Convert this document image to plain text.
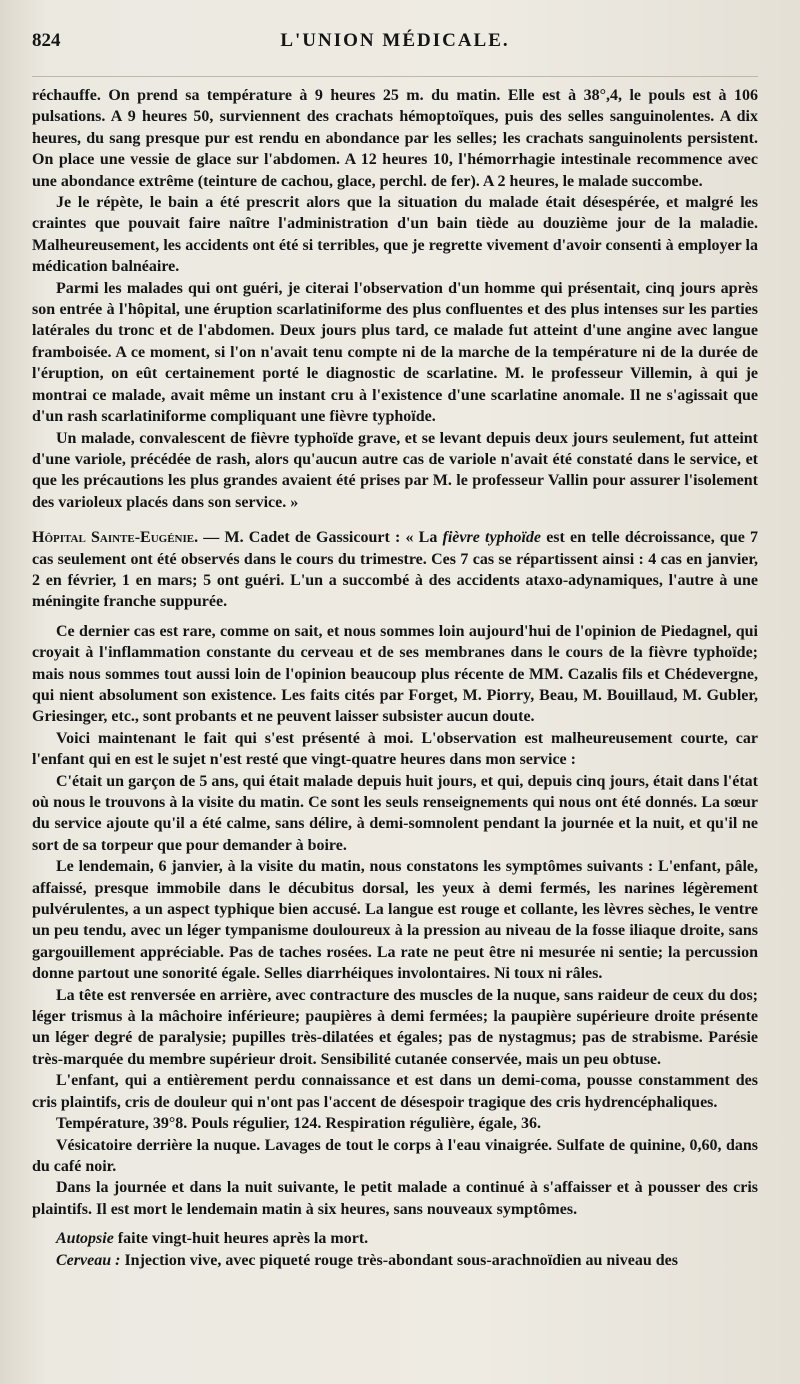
824	L'UNION MÉDICALE.

réchauffe. On prend sa température à 9 heures 25 m. du matin. Elle est à 38°,4, le pouls est à 106 pulsations. A 9 heures 50, surviennent des crachats hémoptoïques, puis des selles sanguinolentes. A dix heures, du sang presque pur est rendu en abondance par les selles; les crachats sanguinolents persistent. On place une vessie de glace sur l'abdomen. A 12 heures 10, l'hémorrhagie intestinale recommence avec une abondance extrême (teinture de cachou, glace, perchl. de fer). A 2 heures, le malade succombe.

Je le répète, le bain a été prescrit alors que la situation du malade était désespérée, et malgré les craintes que pouvait faire naître l'administration d'un bain tiède au douzième jour de la maladie. Malheureusement, les accidents ont été si terribles, que je regrette vivement d'avoir consenti à employer la médication balnéaire.

Parmi les malades qui ont guéri, je citerai l'observation d'un homme qui présentait, cinq jours après son entrée à l'hôpital, une éruption scarlatiniforme des plus confluentes et des plus intenses sur les parties latérales du tronc et de l'abdomen. Deux jours plus tard, ce malade fut atteint d'une angine avec langue framboisée. A ce moment, si l'on n'avait tenu compte ni de la marche de la température ni de la durée de l'éruption, on eût certainement porté le diagnostic de scarlatine. M. le professeur Villemin, à qui je montrai ce malade, avait même un instant cru à l'existence d'une scarlatine anomale. Il ne s'agissait que d'un rash scarlatiniforme compliquant une fièvre typhoïde.

Un malade, convalescent de fièvre typhoïde grave, et se levant depuis deux jours seulement, fut atteint d'une variole, précédée de rash, alors qu'aucun autre cas de variole n'avait été constaté dans le service, et que les précautions les plus grandes avaient été prises par M. le professeur Vallin pour assurer l'isolement des varioleux placés dans son service. »

Hôpital Sainte-Eugénie. — M. Cadet de Gassicourt : « La fièvre typhoïde est en telle décroissance, que 7 cas seulement ont été observés dans le cours du trimestre. Ces 7 cas se répartissent ainsi : 4 cas en janvier, 2 en février, 1 en mars; 5 ont guéri. L'un a succombé à des accidents ataxo-adynamiques, l'autre à une méningite franche suppurée.

Ce dernier cas est rare, comme on sait, et nous sommes loin aujourd'hui de l'opinion de Piedagnel, qui croyait à l'inflammation constante du cerveau et de ses membranes dans le cours de la fièvre typhoïde; mais nous sommes tout aussi loin de l'opinion beaucoup plus récente de MM. Cazalis fils et Chédevergne, qui nient absolument son existence. Les faits cités par Forget, M. Piorry, Beau, M. Bouillaud, M. Gubler, Griesinger, etc., sont probants et ne peuvent laisser subsister aucun doute.

Voici maintenant le fait qui s'est présenté à moi. L'observation est malheureusement courte, car l'enfant qui en est le sujet n'est resté que vingt-quatre heures dans mon service :

C'était un garçon de 5 ans, qui était malade depuis huit jours, et qui, depuis cinq jours, était dans l'état où nous le trouvons à la visite du matin. Ce sont les seuls renseignements qui nous ont été donnés. La sœur du service ajoute qu'il a été calme, sans délire, à demi-somnolent pendant la journée et la nuit, et qu'il ne sort de sa torpeur que pour demander à boire.

Le lendemain, 6 janvier, à la visite du matin, nous constatons les symptômes suivants : L'enfant, pâle, affaissé, presque immobile dans le décubitus dorsal, les yeux à demi fermés, les narines légèrement pulvérulentes, a un aspect typhique bien accusé. La langue est rouge et collante, les lèvres sèches, le ventre un peu tendu, avec un léger tympanisme douloureux à la pression au niveau de la fosse iliaque droite, sans gargouillement appréciable. Pas de taches rosées. La rate ne peut être ni mesurée ni sentie; la percussion donne partout une sonorité égale. Selles diarrhéiques involontaires. Ni toux ni râles.

La tête est renversée en arrière, avec contracture des muscles de la nuque, sans raideur de ceux du dos; léger trismus à la mâchoire inférieure; paupières à demi fermées; la paupière supérieure droite présente un léger degré de paralysie; pupilles très-dilatées et égales; pas de nystagmus; pas de strabisme. Parésie très-marquée du membre supérieur droit. Sensibilité cutanée conservée, mais un peu obtuse.

L'enfant, qui a entièrement perdu connaissance et est dans un demi-coma, pousse constamment des cris plaintifs, cris de douleur qui n'ont pas l'accent de désespoir tragique des cris hydrencéphaliques.

Température, 39°8. Pouls régulier, 124. Respiration régulière, égale, 36.

Vésicatoire derrière la nuque. Lavages de tout le corps à l'eau vinaigrée. Sulfate de quinine, 0,60, dans du café noir.

Dans la journée et dans la nuit suivante, le petit malade a continué à s'affaisser et à pousser des cris plaintifs. Il est mort le lendemain matin à six heures, sans nouveaux symptômes.

Autopsie faite vingt-huit heures après la mort.

Cerveau : Injection vive, avec piqueté rouge très-abondant sous-arachnoïdien au niveau des
